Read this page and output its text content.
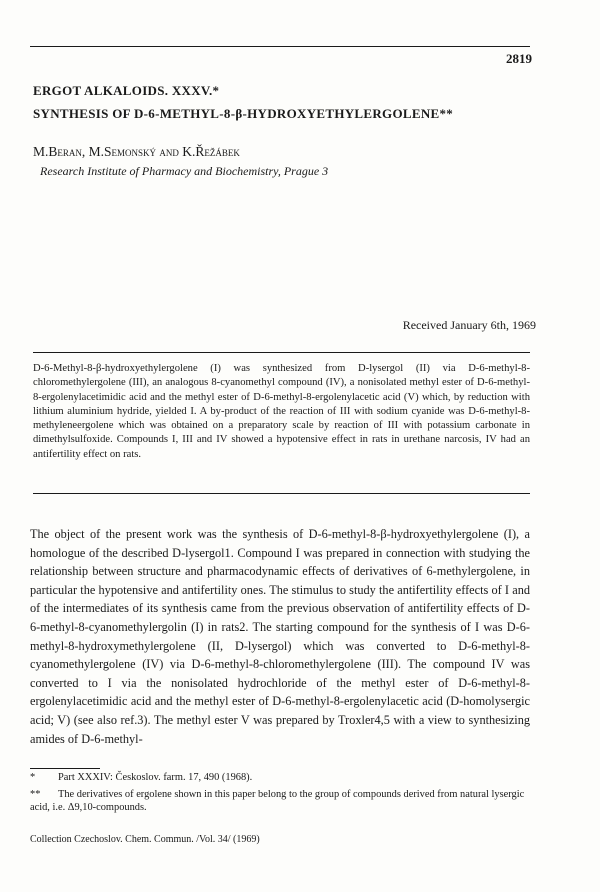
2819
ERGOT ALKALOIDS. XXXV.*
SYNTHESIS OF D-6-METHYL-8-β-HYDROXYETHYLERGOLENE**
M.Beran, M.Semonský and K.Řežábek
Research Institute of Pharmacy and Biochemistry, Prague 3
Received January 6th, 1969
D-6-Methyl-8-β-hydroxyethylergolene (I) was synthesized from D-lysergol (II) via D-6-methyl-8-chloromethylergolene (III), an analogous 8-cyanomethyl compound (IV), a nonisolated methyl ester of D-6-methyl-8-ergolenylacetimidic acid and the methyl ester of D-6-methyl-8-ergolenylacetic acid (V) which, by reduction with lithium aluminium hydride, yielded I. A by-product of the reaction of III with sodium cyanide was D-6-methyl-8-methyleneergolene which was obtained on a preparatory scale by reaction of III with potassium carbonate in dimethylsulfoxide. Compounds I, III and IV showed a hypotensive effect in rats in urethane narcosis, IV had an antifertility effect on rats.
The object of the present work was the synthesis of D-6-methyl-8-β-hydroxyethylergolene (I), a homologue of the described D-lysergol1. Compound I was prepared in connection with studying the relationship between structure and pharmacodynamic effects of derivatives of 6-methylergolene, in particular the hypotensive and antifertility ones. The stimulus to study the antifertility effects of I and of the intermediates of its synthesis came from the previous observation of antifertility effects of D-6-methyl-8-cyanomethylergolin (I) in rats2. The starting compound for the synthesis of I was D-6-methyl-8-hydroxymethylergolene (II, D-lysergol) which was converted to D-6-methyl-8-cyanomethylergolene (IV) via D-6-methyl-8-chloromethylergolene (III). The compound IV was converted to I via the nonisolated hydrochloride of the methyl ester of D-6-methyl-8-ergolenylacetimidic acid and the methyl ester of D-6-methyl-8-ergolenylacetic acid (D-homolysergic acid; V) (see also ref.3). The methyl ester V was prepared by Troxler4,5 with a view to synthesizing amides of D-6-methyl-
* Part XXXIV: Českoslov. farm. 17, 490 (1968).
** The derivatives of ergolene shown in this paper belong to the group of compounds derived from natural lysergic acid, i.e. Δ9,10-compounds.
Collection Czechoslov. Chem. Commun. /Vol. 34/ (1969)
